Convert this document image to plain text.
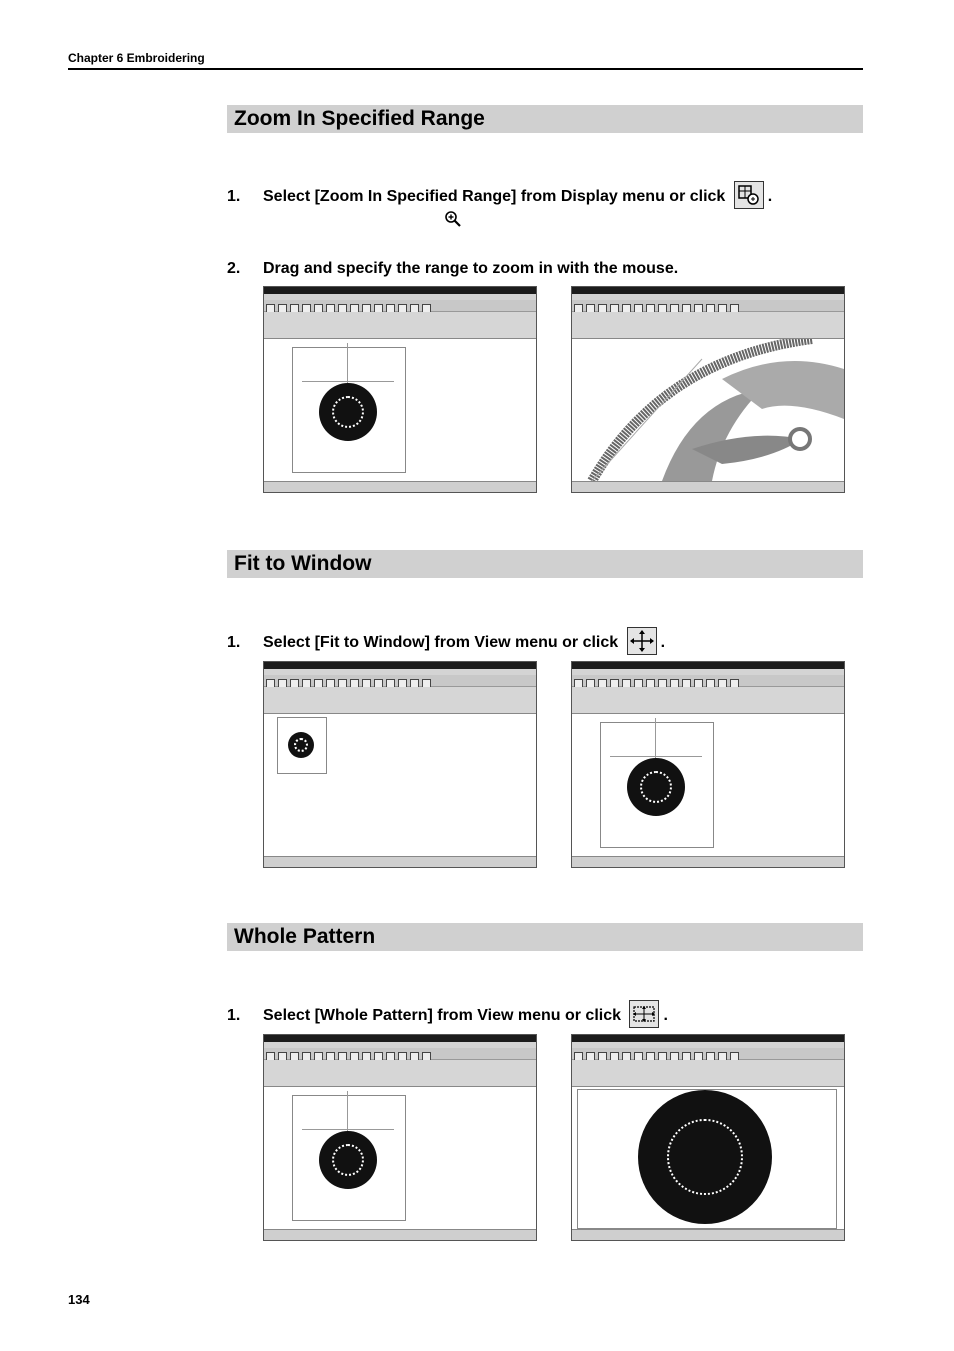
Chapter 6 Embroidering
Zoom In Specified Range
1. Select [Zoom In Specified Range] from Display menu or click	.
2. Drag and specify the range to zoom in with the mouse.
Fit to Window
1. Select [Fit to Window] from View menu or click	.
Whole Pattern
1. Select [Whole Pattern] from View menu or click	.
134
